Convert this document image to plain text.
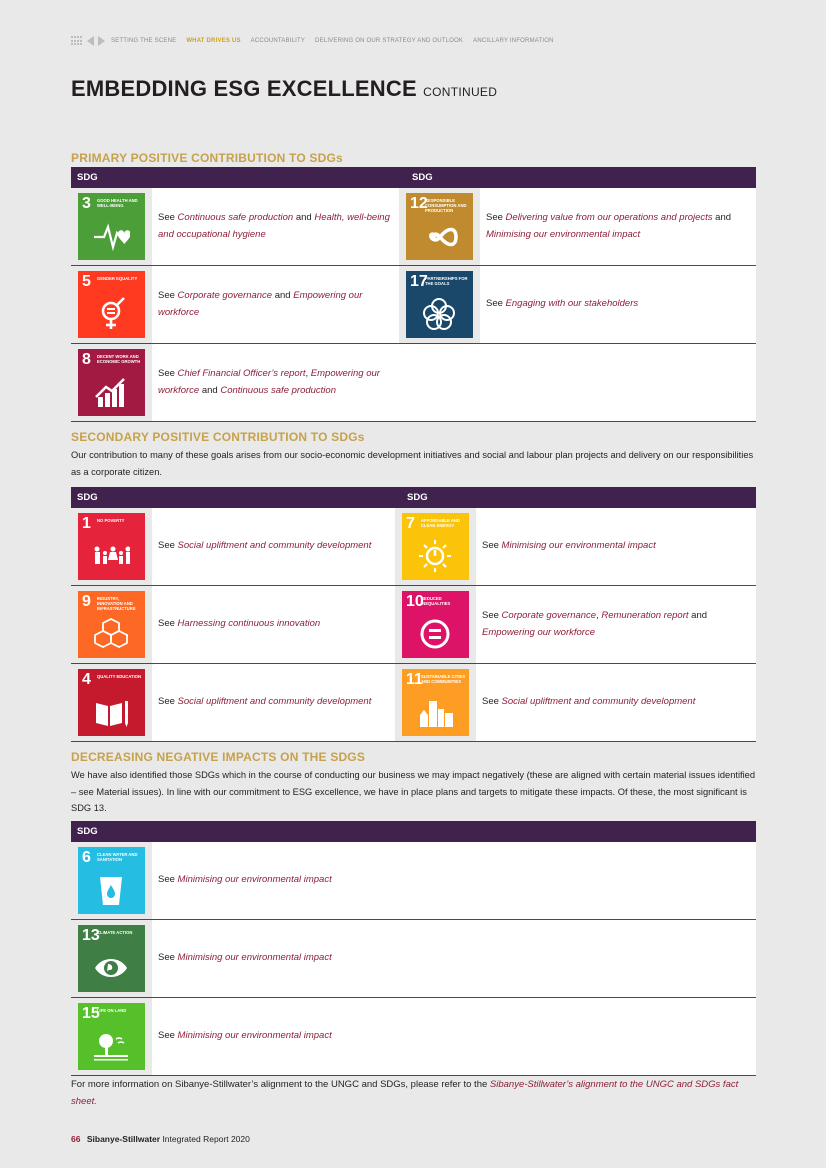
SETTING THE SCENE WHAT DRIVES US ACCOUNTABILITY DELIVERING ON OUR STRATEGY AND OUTLOOK ANCILLARY INFORMATION
EMBEDDING ESG EXCELLENCE CONTINUED
PRIMARY POSITIVE CONTRIBUTION TO SDGs
SDG	SDG
3 GOOD HEALTH AND WELL-BEING
See Continuous safe production and Health, well-being and occupational hygiene
12
RESPONSIBLE CONSUMPTION AND PRODUCTION
See Delivering value from our operations and projects and Minimising our environmental impact
5 GENDER EQUALITY
See Corporate governance and Empowering our workforce
17
PARTNERSHIPS FOR THE GOALS
See Engaging with our stakeholders
8 DECENT WORK AND ECONOMIC GROWTH
See Chief Financial Officer’s report, Empowering our workforce and Continuous safe production
SECONDARY POSITIVE CONTRIBUTION TO SDGs

Our contribution to many of these goals arises from our socio-economic development initiatives and social and labour plan projects and delivery on our responsibilities as a corporate citizen.

SDG	SDG
1 NO POVERTY
See Social upliftment and community development
7 AFFORDABLE AND CLEAN ENERGY
See Minimising our environmental impact
9 INDUSTRY, INNOVATION AND INFRASTRUCTURE
See Harnessing continuous innovation
10
REDUCED INEQUALITIES
See Corporate governance, Remuneration report and Empowering our workforce
4 QUALITY EDUCATION
See Social upliftment and community development
11
SUSTAINABLE CITIES AND COMMUNITIES
See Social upliftment and community development
DECREASING NEGATIVE IMPACTS ON THE SDGS

We have also identified those SDGs which in the course of conducting our business we may impact negatively (these are aligned with certain material issues identified – see Material issues). In line with our commitment to ESG excellence, we have in place plans and targets to mitigate these impacts. Of these, the most significant is SDG 13.

SDG
6 CLEAN WATER AND SANITATION
See Minimising our environmental impact
13
CLIMATE ACTION
See Minimising our environmental impact
15
LIFE ON LAND
See Minimising our environmental impact
For more information on Sibanye-Stillwater’s alignment to the UNGC and SDGs, please refer to the Sibanye-Stillwater’s alignment to the UNGC and SDGs fact sheet.
66 Sibanye-Stillwater Integrated Report 2020
